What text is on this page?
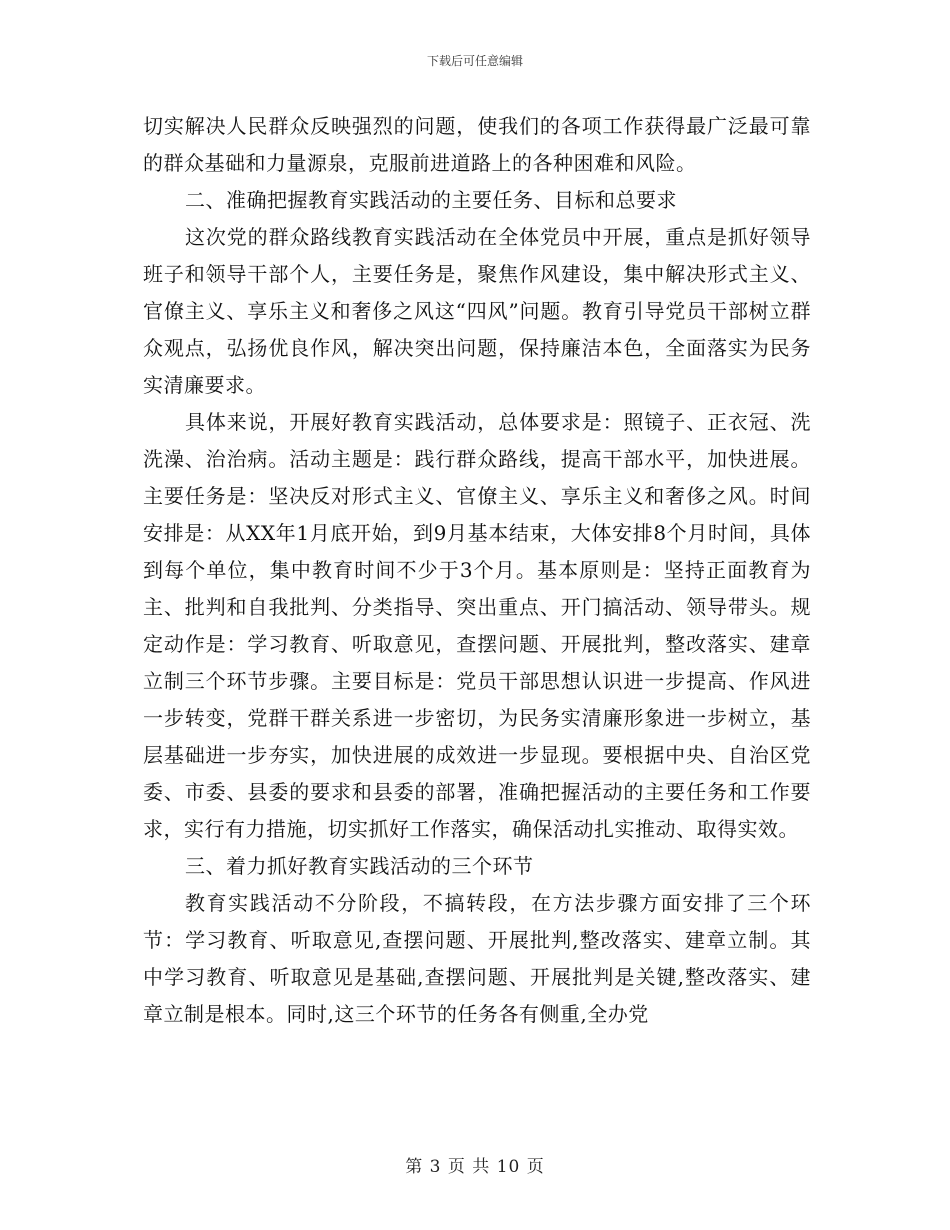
下载后可任意编辑

切实解决人民群众反映强烈的问题，使我们的各项工作获得最广泛最可靠的群众基础和力量源泉，克服前进道路上的各种困难和风险。

二、准确把握教育实践活动的主要任务、目标和总要求

这次党的群众路线教育实践活动在全体党员中开展，重点是抓好领导班子和领导干部个人，主要任务是，聚焦作风建设，集中解决形式主义、官僚主义、享乐主义和奢侈之风这“四风”问题。教育引导党员干部树立群众观点，弘扬优良作风，解决突出问题，保持廉洁本色，全面落实为民务实清廉要求。

具体来说，开展好教育实践活动，总体要求是：照镜子、正衣冠、洗洗澡、治治病。活动主题是：践行群众路线，提高干部水平，加快进展。主要任务是：坚决反对形式主义、官僚主义、享乐主义和奢侈之风。时间安排是：从XX年1月底开始，到9月基本结束，大体安排8个月时间，具体到每个单位，集中教育时间不少于3个月。基本原则是：坚持正面教育为主、批判和自我批判、分类指导、突出重点、开门搞活动、领导带头。规定动作是：学习教育、听取意见，查摆问题、开展批判，整改落实、建章立制三个环节步骤。主要目标是：党员干部思想认识进一步提高、作风进一步转变，党群干群关系进一步密切，为民务实清廉形象进一步树立，基层基础进一步夯实，加快进展的成效进一步显现。要根据中央、自治区党委、市委、县委的要求和县委的部署，准确把握活动的主要任务和工作要求，实行有力措施，切实抓好工作落实，确保活动扎实推动、取得实效。

三、着力抓好教育实践活动的三个环节

教育实践活动不分阶段，不搞转段，在方法步骤方面安排了三个环节：学习教育、听取意见,查摆问题、开展批判,整改落实、建章立制。其中学习教育、听取意见是基础,查摆问题、开展批判是关键,整改落实、建章立制是根本。同时,这三个环节的任务各有侧重,全办党

第 3 页 共 10 页
